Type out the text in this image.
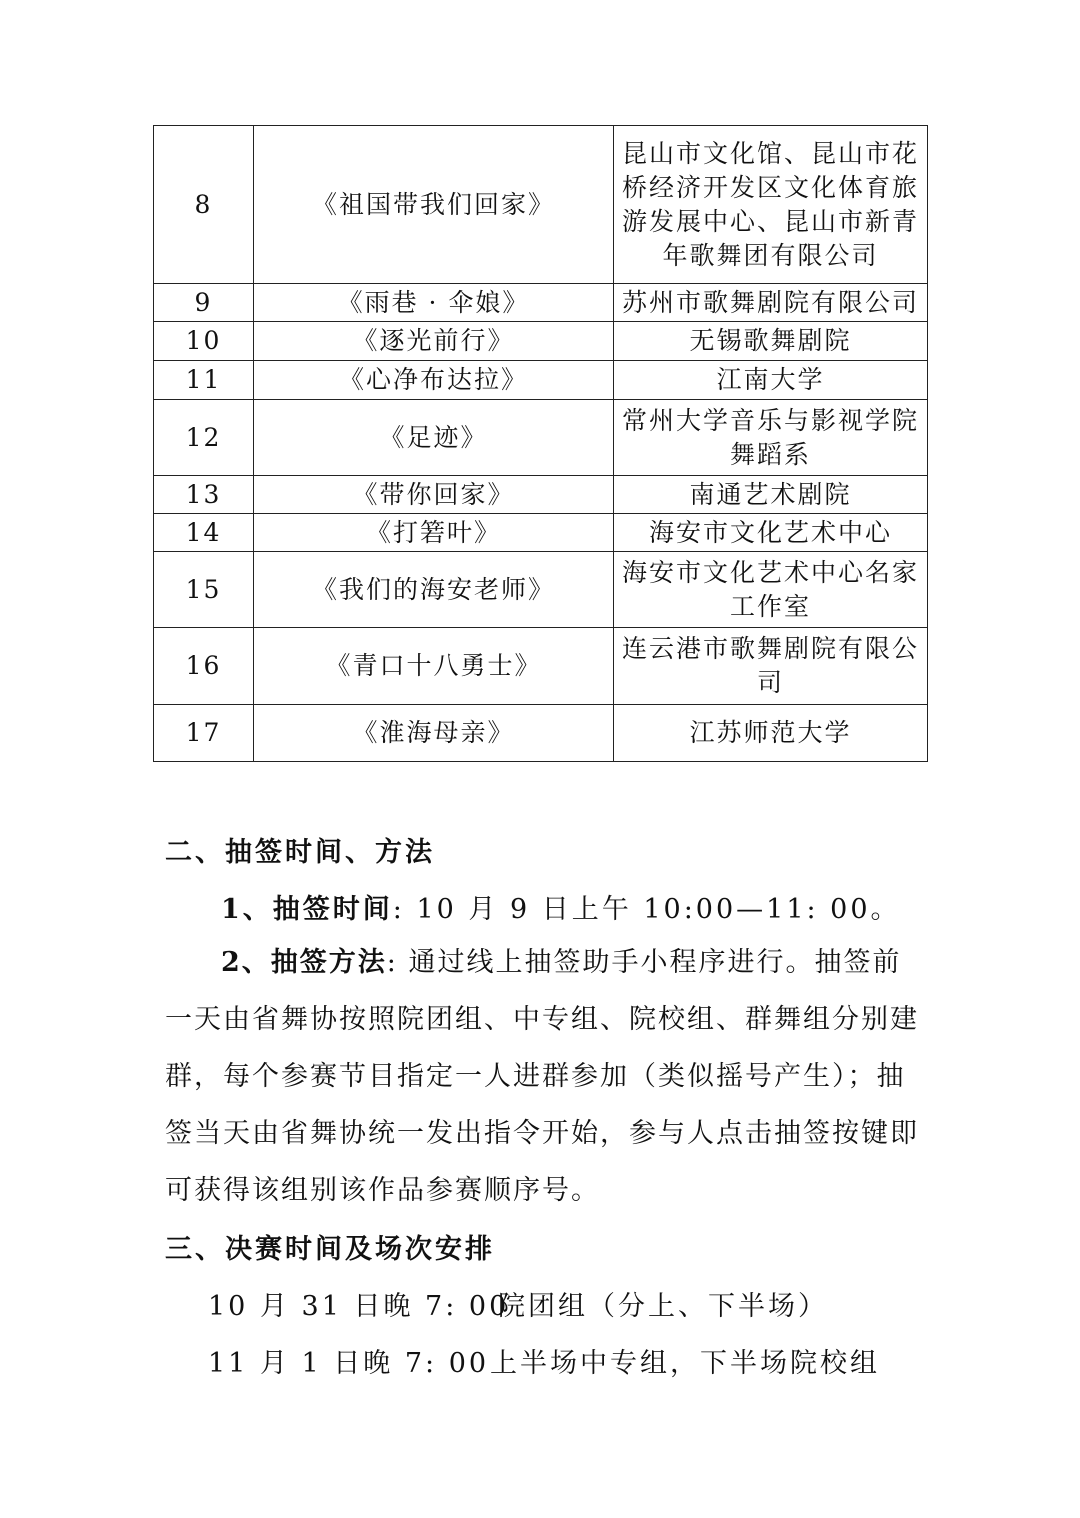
8	《祖国带我们回家》	昆山市文化馆、昆山市花桥经济开发区文化体育旅游发展中心、昆山市新青年歌舞团有限公司
9	《雨巷 · 伞娘》	苏州市歌舞剧院有限公司
10	《逐光前行》	无锡歌舞剧院
11	《心净布达拉》	江南大学
12	《足迹》	常州大学音乐与影视学院舞蹈系
13	《带你回家》	南通艺术剧院
14	《打箬叶》	海安市文化艺术中心
15	《我们的海安老师》	海安市文化艺术中心名家工作室
16	《青口十八勇士》	连云港市歌舞剧院有限公司
17	《淮海母亲》	江苏师范大学
二、抽签时间、方法
1、抽签时间: 10 月 9 日上午 10:00—11: 00。
2、抽签方法: 通过线上抽签助手小程序进行。抽签前一天由省舞协按照院团组、中专组、院校组、群舞组分别建群，每个参赛节目指定一人进群参加（类似摇号产生）；抽签当天由省舞协统一发出指令开始，参与人点击抽签按键即可获得该组别该作品参赛顺序号。
三、决赛时间及场次安排
10 月 31 日晚 7: 00
院团组（分上、下半场）
11 月 1 日晚 7: 00 上半场中专组，下半场院校组
